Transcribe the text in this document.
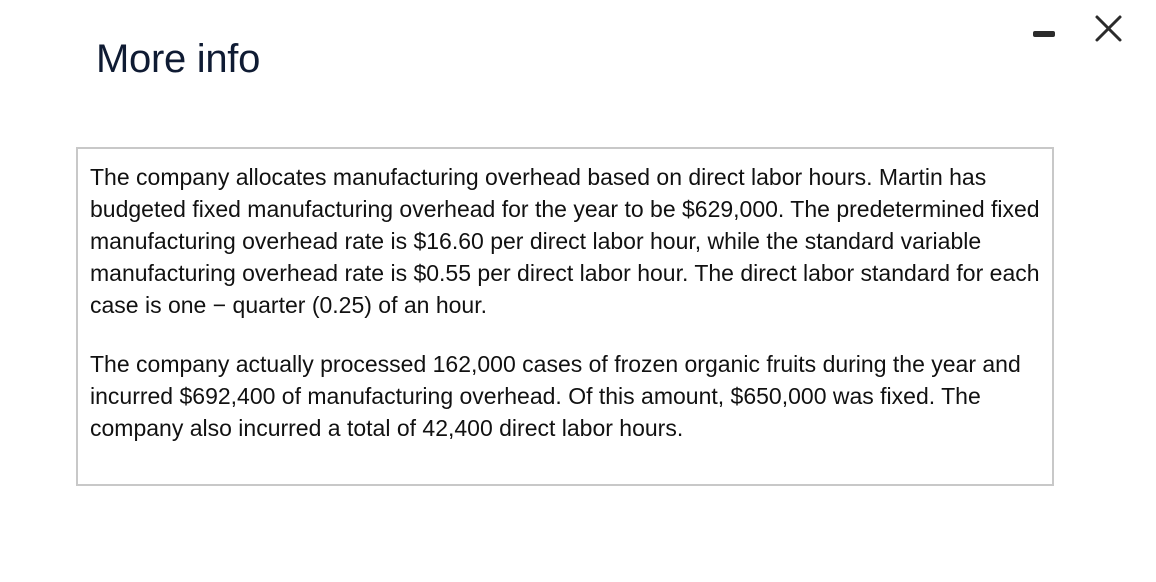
More info

The company allocates manufacturing overhead based on direct labor hours. Martin has budgeted fixed manufacturing overhead for the year to be $629,000. The predetermined fixed manufacturing overhead rate is $16.60 per direct labor hour, while the standard variable manufacturing overhead rate is $0.55 per direct labor hour. The direct labor standard for each case is one − quarter (0.25) of an hour.

The company actually processed 162,000 cases of frozen organic fruits during the year and incurred $692,400 of manufacturing overhead. Of this amount, $650,000 was fixed. The company also incurred a total of 42,400 direct labor hours.
